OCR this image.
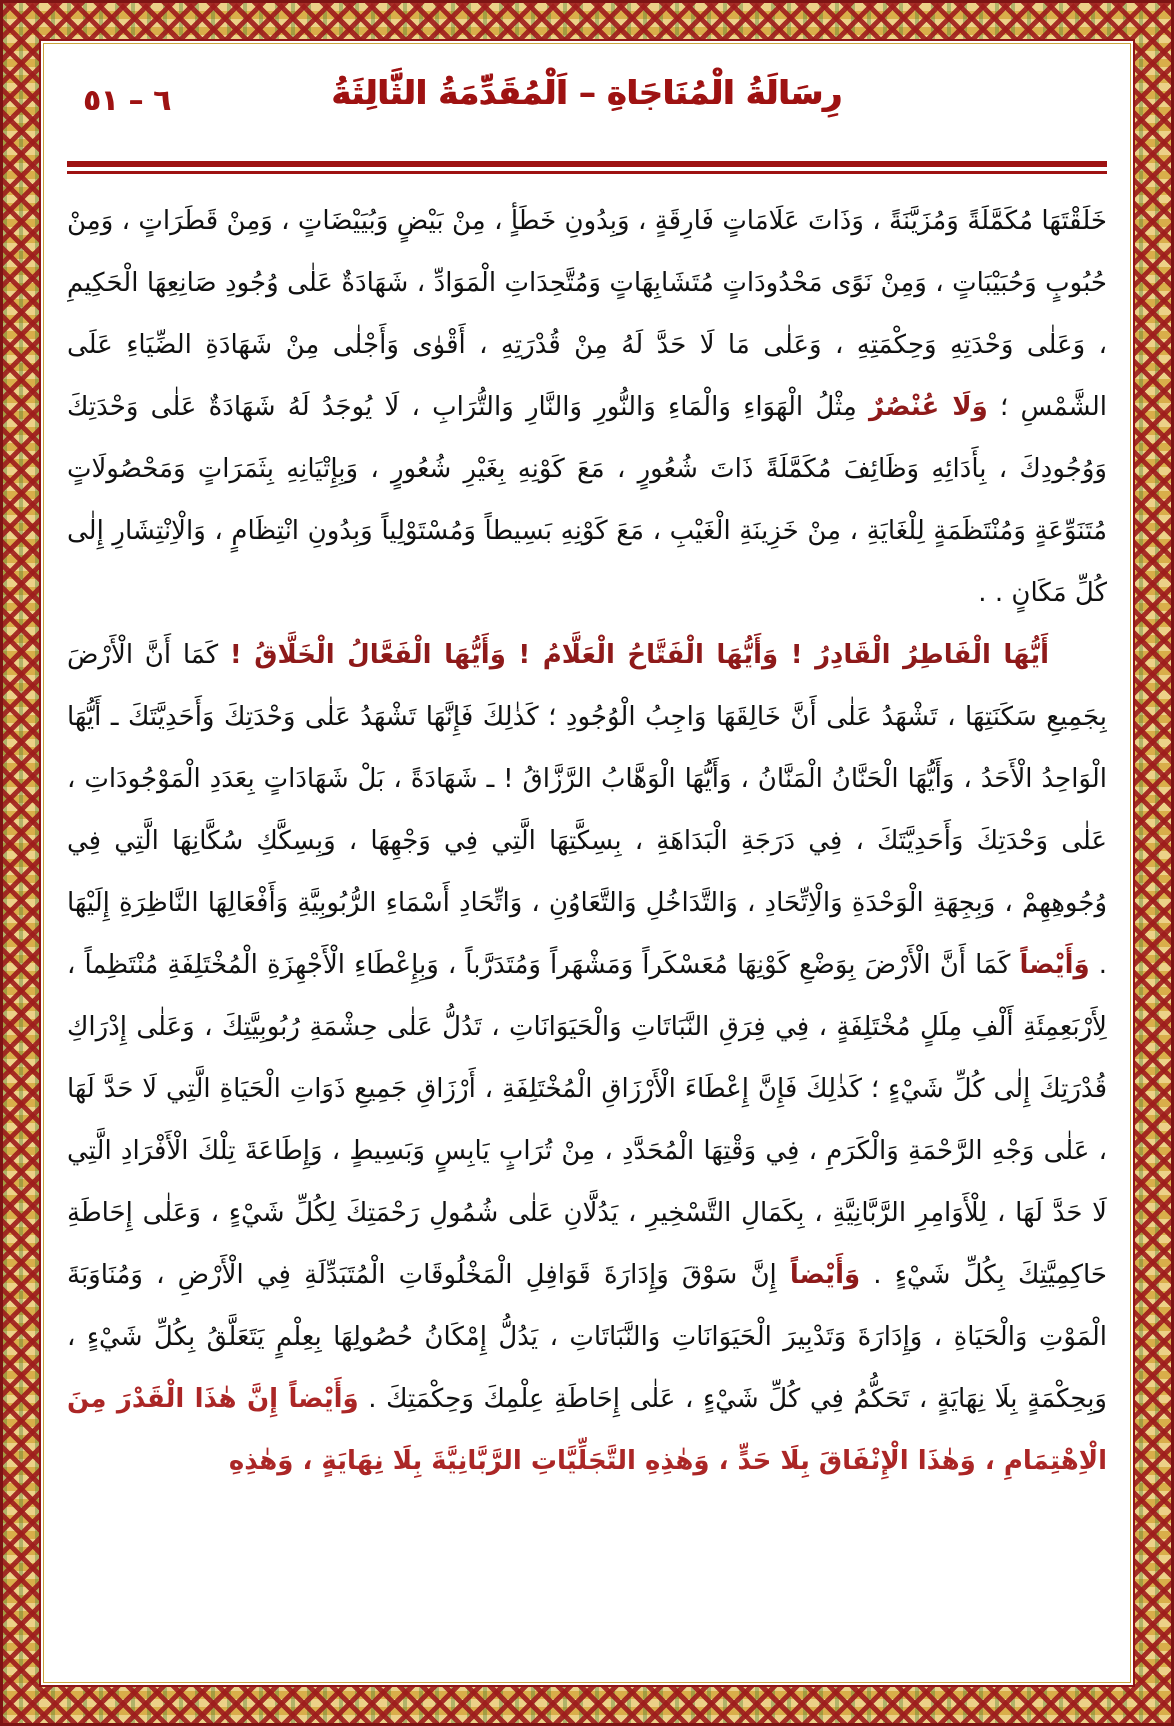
٦ – ٥١	رِسَالَةُ الْمُنَاجَاةِ – اَلْمُقَدِّمَةُ الثَّالِثَةُ
خَلَقْتَهَا مُكَمَّلَةً وَمُزَيَّنَةً ، وَذَاتَ عَلَامَاتٍ فَارِقَةٍ ، وَبِدُونِ خَطَأٍ ، مِنْ بَيْضٍ وَبُيَيْضَاتٍ ، وَمِنْ قَطَرَاتٍ ، وَمِنْ حُبُوبٍ وَحُبَيْبَاتٍ ، وَمِنْ نَوًى مَحْدُودَاتٍ مُتَشَابِهَاتٍ وَمُتَّحِدَاتِ الْمَوَادِّ ، شَهَادَةٌ عَلٰى وُجُودِ صَانِعِهَا الْحَكِيمِ ، وَعَلٰى وَحْدَتِهِ وَحِكْمَتِهِ ، وَعَلٰى مَا لَا حَدَّ لَهُ مِنْ قُدْرَتِهِ ، أَقْوٰى وَأَجْلٰى مِنْ شَهَادَةِ الضِّيَاءِ عَلَى الشَّمْسِ ؛ وَلَا عُنْصُرٌ مِثْلُ الْهَوَاءِ وَالْمَاءِ وَالنُّورِ وَالنَّارِ وَالتُّرَابِ ، لَا يُوجَدُ لَهُ شَهَادَةٌ عَلٰى وَحْدَتِكَ وَوُجُودِكَ ، بِأَدَائِهِ وَظَائِفَ مُكَمَّلَةً ذَاتَ شُعُورٍ ، مَعَ كَوْنِهِ بِغَيْرِ شُعُورٍ ، وَبِإِتْيَانِهِ بِثَمَرَاتٍ وَمَحْصُولَاتٍ مُتَنَوِّعَةٍ وَمُنْتَظَمَةٍ لِلْغَايَةِ ، مِنْ خَزِينَةِ الْغَيْبِ ، مَعَ كَوْنِهِ بَسِيطاً وَمُسْتَوْلِياً وَبِدُونِ انْتِظَامٍ ، وَالْاِنْتِشَارِ إِلٰى كُلِّ مَكَانٍ . .
أَيُّهَا الْفَاطِرُ الْقَادِرُ ! وَأَيُّهَا الْفَتَّاحُ الْعَلَّامُ ! وَأَيُّهَا الْفَعَّالُ الْخَلَّاقُ ! كَمَا أَنَّ الْأَرْضَ بِجَمِيعِ سَكَنَتِهَا ، تَشْهَدُ عَلٰى أَنَّ خَالِقَهَا وَاجِبُ الْوُجُودِ ؛ كَذٰلِكَ فَإِنَّهَا تَشْهَدُ عَلٰى وَحْدَتِكَ وَأَحَدِيَّتَكَ ـ أَيُّهَا الْوَاحِدُ الْأَحَدُ ، وَأَيُّهَا الْحَنَّانُ الْمَنَّانُ ، وَأَيُّهَا الْوَهَّابُ الرَّزَّاقُ ! ـ شَهَادَةً ، بَلْ شَهَادَاتٍ بِعَدَدِ الْمَوْجُودَاتِ ، عَلٰى وَحْدَتِكَ وَأَحَدِيَّتَكَ ، فِي دَرَجَةِ الْبَدَاهَةِ ، بِسِكَّتِهَا الَّتِي فِي وَجْهِهَا ، وَبِسِكَّكِ سُكَّانِهَا الَّتِي فِي وُجُوهِهِمْ ، وَبِجِهَةِ الْوَحْدَةِ وَالْاِتِّحَادِ ، وَالتَّدَاخُلِ وَالتَّعَاوُنِ ، وَاتِّحَادِ أَسْمَاءِ الرُّبُوبِيَّةِ وَأَفْعَالِهَا النَّاظِرَةِ إِلَيْهَا . وَأَيْضاً كَمَا أَنَّ الْأَرْضَ بِوَضْعِ كَوْنِهَا مُعَسْكَراً وَمَشْهَراً وَمُتَدَرَّباً ، وَبِإِعْطَاءِ الْأَجْهِزَةِ الْمُخْتَلِفَةِ مُنْتَظِماً ، لِأَرْبَعِمِئَةِ أَلْفِ مِلَلٍ مُخْتَلِفَةٍ ، فِي فِرَقِ النَّبَاتَاتِ وَالْحَيَوَانَاتِ ، تَدُلُّ عَلٰى حِشْمَةِ رُبُوبِيَّتِكَ ، وَعَلٰى إِدْرَاكِ قُدْرَتِكَ إِلٰى كُلِّ شَيْءٍ ؛ كَذٰلِكَ فَإِنَّ إِعْطَاءَ الْأَرْزَاقِ الْمُخْتَلِفَةِ ، أَرْزَاقِ جَمِيعِ ذَوَاتِ الْحَيَاةِ الَّتِي لَا حَدَّ لَهَا ، عَلٰى وَجْهِ الرَّحْمَةِ وَالْكَرَمِ ، فِي وَقْتِهَا الْمُحَدَّدِ ، مِنْ تُرَابٍ يَابِسٍ وَبَسِيطٍ ، وَإِطَاعَةَ تِلْكَ الْأَفْرَادِ الَّتِي لَا حَدَّ لَهَا ، لِلْأَوَامِرِ الرَّبَّانِيَّةِ ، بِكَمَالِ التَّسْخِيرِ ، يَدُلَّانِ عَلٰى شُمُولِ رَحْمَتِكَ لِكُلِّ شَيْءٍ ، وَعَلٰى إِحَاطَةِ حَاكِمِيَّتِكَ بِكُلِّ شَيْءٍ . وَأَيْضاً إِنَّ سَوْقَ وَإِدَارَةَ قَوَافِلِ الْمَخْلُوقَاتِ الْمُتَبَدِّلَةِ فِي الْأَرْضِ ، وَمُنَاوَبَةَ الْمَوْتِ وَالْحَيَاةِ ، وَإِدَارَةَ وَتَدْبِيرَ الْحَيَوَانَاتِ وَالنَّبَاتَاتِ ، يَدُلُّ إِمْكَانُ حُصُولِهَا بِعِلْمٍ يَتَعَلَّقُ بِكُلِّ شَيْءٍ ، وَبِحِكْمَةٍ بِلَا نِهَايَةٍ ، تَحَكُّمُ فِي كُلِّ شَيْءٍ ، عَلٰى إِحَاطَةِ عِلْمِكَ وَحِكْمَتِكَ . وَأَيْضاً إِنَّ هٰذَا الْقَدْرَ مِنَ الْاِهْتِمَامِ ، وَهٰذَا الْإِنْفَاقَ بِلَا حَدٍّ ، وَهٰذِهِ التَّجَلِّيَّاتِ الرَّبَّانِيَّةَ بِلَا نِهَايَةٍ ، وَهٰذِهِ
